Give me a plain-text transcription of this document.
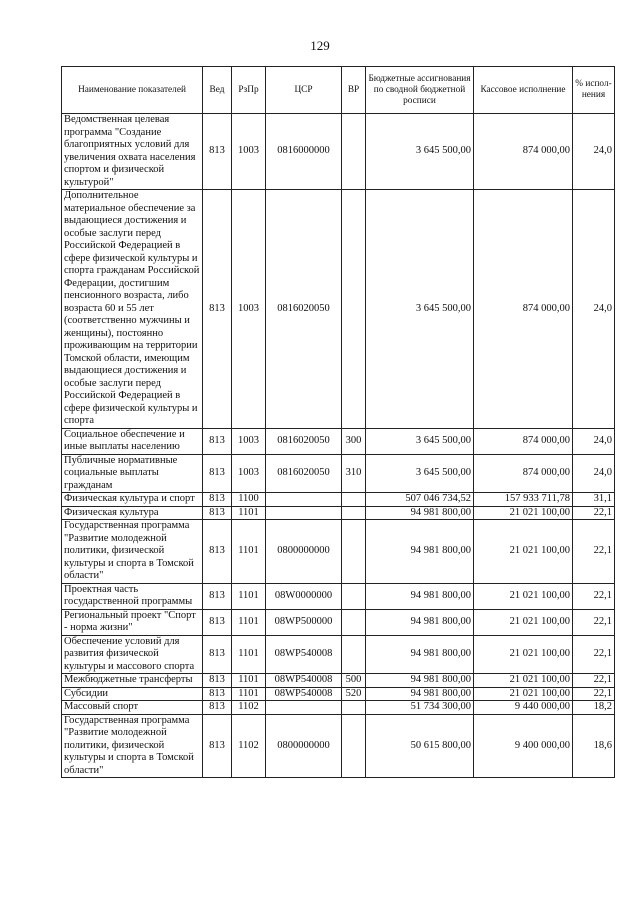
129
Наименование показателей	Вед	РзПр	ЦСР	ВР	Бюджетные ассигнования по сводной бюджетной росписи	Кассовое исполнение	% испол-нения
Ведомственная целевая программа "Создание благоприятных условий для увеличения охвата населения спортом и физической культурой"	813	1003	0816000000		3 645 500,00	874 000,00	24,0
Дополнительное материальное обеспечение за выдающиеся достижения и особые заслуги перед Российской Федерацией в сфере физической культуры и спорта гражданам Российской Федерации, достигшим пенсионного возраста, либо возраста 60 и 55 лет (соответственно мужчины и женщины), постоянно проживающим на территории Томской области, имеющим выдающиеся достижения и особые заслуги перед Российской Федерацией в сфере физической культуры и спорта	813	1003	0816020050		3 645 500,00	874 000,00	24,0
Социальное обеспечение и иные выплаты населению	813	1003	0816020050	300	3 645 500,00	874 000,00	24,0
Публичные нормативные социальные выплаты гражданам	813	1003	0816020050	310	3 645 500,00	874 000,00	24,0
Физическая культура и спорт	813	1100			507 046 734,52	157 933 711,78	31,1
Физическая культура	813	1101			94 981 800,00	21 021 100,00	22,1
Государственная программа "Развитие молодежной политики, физической культуры и спорта в Томской области"	813	1101	0800000000		94 981 800,00	21 021 100,00	22,1
Проектная часть государственной программы	813	1101	08W0000000		94 981 800,00	21 021 100,00	22,1
Региональный проект "Спорт - норма жизни"	813	1101	08WP500000		94 981 800,00	21 021 100,00	22,1
Обеспечение условий для развития физической культуры и массового спорта	813	1101	08WP540008		94 981 800,00	21 021 100,00	22,1
Межбюджетные трансферты	813	1101	08WP540008	500	94 981 800,00	21 021 100,00	22,1
Субсидии	813	1101	08WP540008	520	94 981 800,00	21 021 100,00	22,1
Массовый спорт	813	1102			51 734 300,00	9 440 000,00	18,2
Государственная программа "Развитие молодежной политики, физической культуры и спорта в Томской области"	813	1102	0800000000		50 615 800,00	9 400 000,00	18,6
